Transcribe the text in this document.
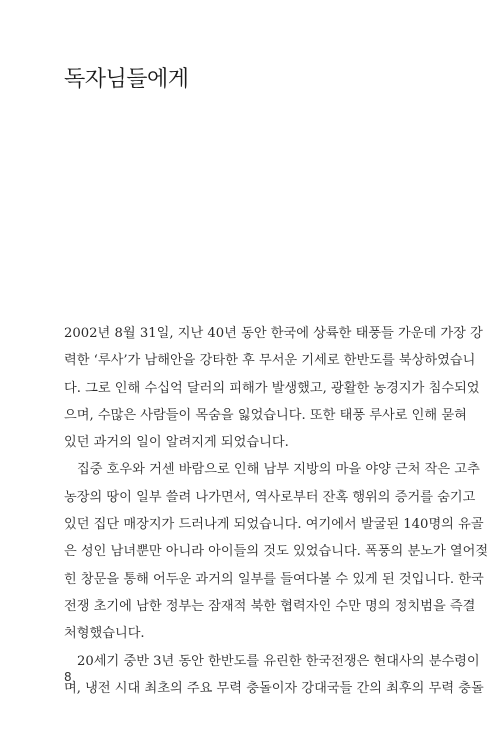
독자님들에게
2002년 8월 31일, 지난 40년 동안 한국에 상륙한 태풍들 가운데 가장 강
력한 ‘루사’가 남해안을 강타한 후 무서운 기세로 한반도를 북상하였습니
다. 그로 인해 수십억 달러의 피해가 발생했고, 광활한 농경지가 침수되었
으며, 수많은 사람들이 목숨을 잃었습니다. 또한 태풍 루사로 인해 묻혀
있던 과거의 일이 알려지게 되었습니다.
집중 호우와 거센 바람으로 인해 남부 지방의 마을 야양 근처 작은 고추
농장의 땅이 일부 쓸려 나가면서, 역사로부터 잔혹 행위의 증거를 숨기고
있던 집단 매장지가 드러나게 되었습니다. 여기에서 발굴된 140명의 유골
은 성인 남녀뿐만 아니라 아이들의 것도 있었습니다. 폭풍의 분노가 열어젖
힌 창문을 통해 어두운 과거의 일부를 들여다볼 수 있게 된 것입니다. 한국
전쟁 초기에 남한 정부는 잠재적 북한 협력자인 수만 명의 정치범을 즉결
처형했습니다.
20세기 중반 3년 동안 한반도를 유린한 한국전쟁은 현대사의 분수령이
며, 냉전 시대 최초의 주요 무력 충돌이자 강대국들 간의 최후의 무력 충돌
8
